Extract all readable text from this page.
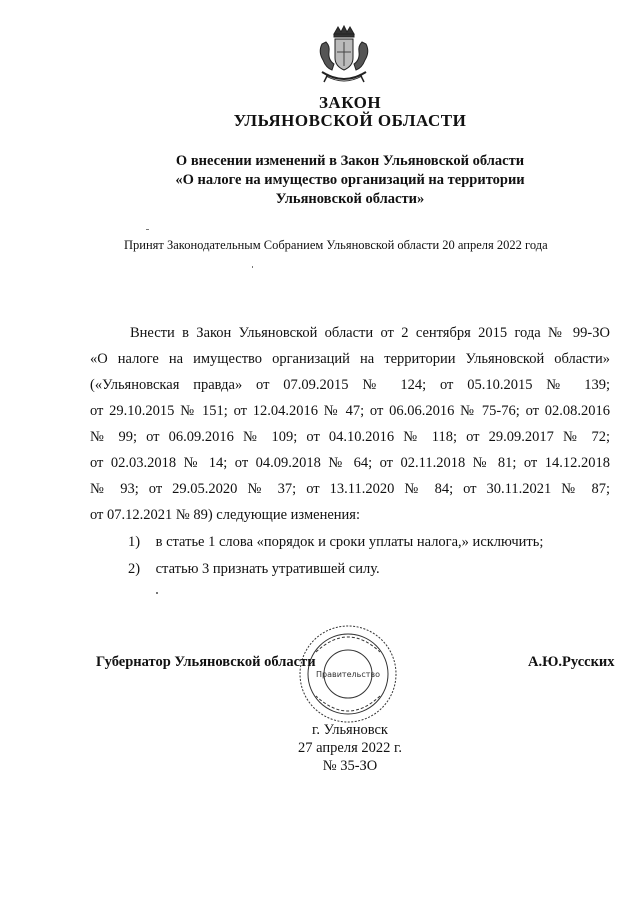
ЗАКОН
УЛЬЯНОВСКОЙ ОБЛАСТИ
О внесении изменений в Закон Ульяновской области
«О налоге на имущество организаций на территории
Ульяновской области»
Принят Законодательным Собранием Ульяновской области 20 апреля 2022 года
Внести в Закон Ульяновской области от 2 сентября 2015 года № 99-ЗО
«О налоге на имущество организаций на территории Ульяновской области»
(«Ульяновская правда» от 07.09.2015 № 124; от 05.10.2015 № 139;
от 29.10.2015 № 151; от 12.04.2016 № 47; от 06.06.2016 № 75-76; от 02.08.2016
№ 99; от 06.09.2016 № 109; от 04.10.2016 № 118; от 29.09.2017 № 72;
от 02.03.2018 № 14; от 04.09.2018 № 64; от 02.11.2018 № 81; от 14.12.2018
№ 93; от 29.05.2020 № 37; от 13.11.2020 № 84; от 30.11.2021 № 87;
от 07.12.2021 № 89) следующие изменения:
1) в статье 1 слова «порядок и сроки уплаты налога,» исключить;
2) статью 3 признать утратившей силу.
Правительство
Губернатор Ульяновской области	А.Ю.Русских
г. Ульяновск
27 апреля 2022 г.
№ 35-ЗО
